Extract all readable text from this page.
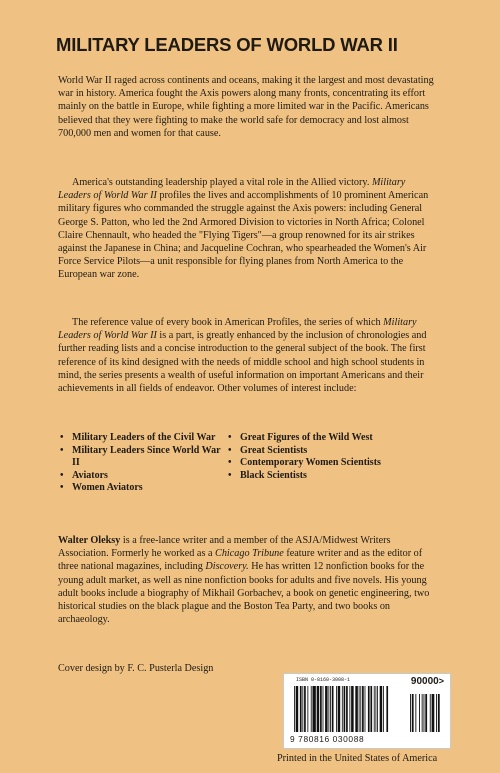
MILITARY LEADERS OF WORLD WAR II

World War II raged across continents and oceans, making it the largest and most devastating war in history. America fought the Axis powers along many fronts, concentrating its effort mainly on the battle in Europe, while fighting a more limited war in the Pacific. Americans believed that they were fighting to make the world safe for democracy and lost almost 700,000 men and women for that cause.

America's outstanding leadership played a vital role in the Allied victory. Military Leaders of World War II profiles the lives and accomplishments of 10 prominent American military figures who commanded the struggle against the Axis powers: including General George S. Patton, who led the 2nd Armored Division to victories in North Africa; Colonel Claire Chennault, who headed the "Flying Tigers"—a group renowned for its air strikes against the Japanese in China; and Jacqueline Cochran, who spearheaded the Women's Air Force Service Pilots—a unit responsible for flying planes from North America to the European war zone.

The reference value of every book in American Profiles, the series of which Military Leaders of World War II is a part, is greatly enhanced by the inclusion of chronologies and further reading lists and a concise introduction to the general subject of the book. The first reference of its kind designed with the needs of middle school and high school students in mind, the series presents a wealth of useful information on important Americans and their achievements in all fields of endeavor. Other volumes of interest include:

• Military Leaders of the Civil War
• Military Leaders Since World War II
• Aviators
• Women Aviators
• Great Figures of the Wild West
• Great Scientists
• Contemporary Women Scientists
• Black Scientists

Walter Oleksy is a free-lance writer and a member of the ASJA/Midwest Writers Association. Formerly he worked as a Chicago Tribune feature writer and as the editor of three national magazines, including Discovery. He has written 12 nonfiction books for the young adult market, as well as nine nonfiction books for adults and five novels. His young adult books include a biography of Mikhail Gorbachev, a book on genetic engineering, two historical studies on the black plague and the Boston Tea Party, and two books on archaeology.

Cover design by F. C. Pusterla Design
ISBN 0-8160-3008-1	90000>
9 780816 030088
Printed in the United States of America
